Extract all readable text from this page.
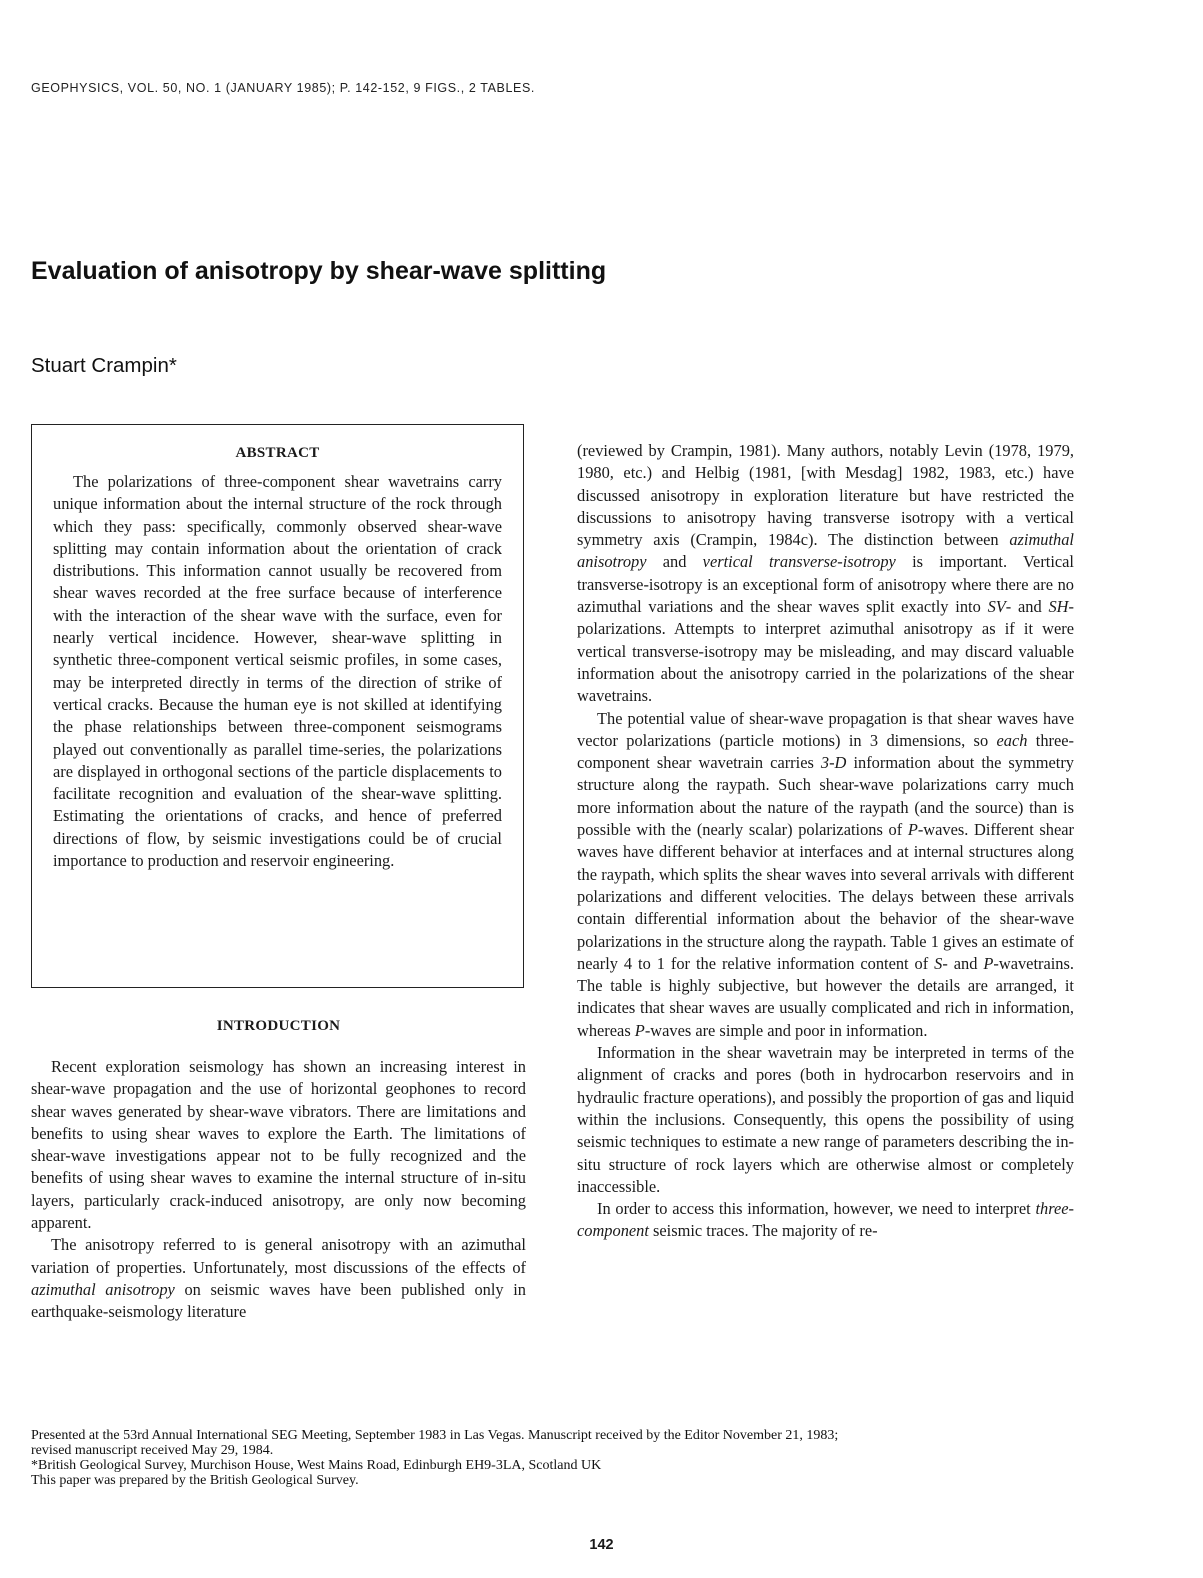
GEOPHYSICS, VOL. 50, NO. 1 (JANUARY 1985); P. 142-152, 9 FIGS., 2 TABLES.
Evaluation of anisotropy by shear-wave splitting
Stuart Crampin*
ABSTRACT

The polarizations of three-component shear wavetrains carry unique information about the internal structure of the rock through which they pass: specifically, commonly observed shear-wave splitting may contain information about the orientation of crack distributions. This information cannot usually be recovered from shear waves recorded at the free surface because of interference with the interaction of the shear wave with the surface, even for nearly vertical incidence. However, shear-wave splitting in synthetic three-component vertical seismic profiles, in some cases, may be interpreted directly in terms of the direction of strike of vertical cracks. Because the human eye is not skilled at identifying the phase relationships between three-component seismograms played out conventionally as parallel time-series, the polarizations are displayed in orthogonal sections of the particle displacements to facilitate recognition and evaluation of the shear-wave splitting. Estimating the orientations of cracks, and hence of preferred directions of flow, by seismic investigations could be of crucial importance to production and reservoir engineering.

INTRODUCTION

Recent exploration seismology has shown an increasing interest in shear-wave propagation and the use of horizontal geophones to record shear waves generated by shear-wave vibrators. There are limitations and benefits to using shear waves to explore the Earth. The limitations of shear-wave investigations appear not to be fully recognized and the benefits of using shear waves to examine the internal structure of in-situ layers, particularly crack-induced anisotropy, are only now becoming apparent.

The anisotropy referred to is general anisotropy with an azimuthal variation of properties. Unfortunately, most discussions of the effects of azimuthal anisotropy on seismic waves have been published only in earthquake-seismology literature

(reviewed by Crampin, 1981). Many authors, notably Levin (1978, 1979, 1980, etc.) and Helbig (1981, [with Mesdag] 1982, 1983, etc.) have discussed anisotropy in exploration literature but have restricted the discussions to anisotropy having transverse isotropy with a vertical symmetry axis (Crampin, 1984c). The distinction between azimuthal anisotropy and vertical transverse-isotropy is important. Vertical transverse-isotropy is an exceptional form of anisotropy where there are no azimuthal variations and the shear waves split exactly into SV- and SH-polarizations. Attempts to interpret azimuthal anisotropy as if it were vertical transverse-isotropy may be misleading, and may discard valuable information about the anisotropy carried in the polarizations of the shear wavetrains.

The potential value of shear-wave propagation is that shear waves have vector polarizations (particle motions) in 3 dimensions, so each three-component shear wavetrain carries 3-D information about the symmetry structure along the raypath. Such shear-wave polarizations carry much more information about the nature of the raypath (and the source) than is possible with the (nearly scalar) polarizations of P-waves. Different shear waves have different behavior at interfaces and at internal structures along the raypath, which splits the shear waves into several arrivals with different polarizations and different velocities. The delays between these arrivals contain differential information about the behavior of the shear-wave polarizations in the structure along the raypath. Table 1 gives an estimate of nearly 4 to 1 for the relative information content of S- and P-wavetrains. The table is highly subjective, but however the details are arranged, it indicates that shear waves are usually complicated and rich in information, whereas P-waves are simple and poor in information.

Information in the shear wavetrain may be interpreted in terms of the alignment of cracks and pores (both in hydrocarbon reservoirs and in hydraulic fracture operations), and possibly the proportion of gas and liquid within the inclusions. Consequently, this opens the possibility of using seismic techniques to estimate a new range of parameters describing the in-situ structure of rock layers which are otherwise almost or completely inaccessible.

In order to access this information, however, we need to interpret three-component seismic traces. The majority of re-

Presented at the 53rd Annual International SEG Meeting, September 1983 in Las Vegas. Manuscript received by the Editor November 21, 1983;
revised manuscript received May 29, 1984.
*British Geological Survey, Murchison House, West Mains Road, Edinburgh EH9-3LA, Scotland UK
This paper was prepared by the British Geological Survey.
142
